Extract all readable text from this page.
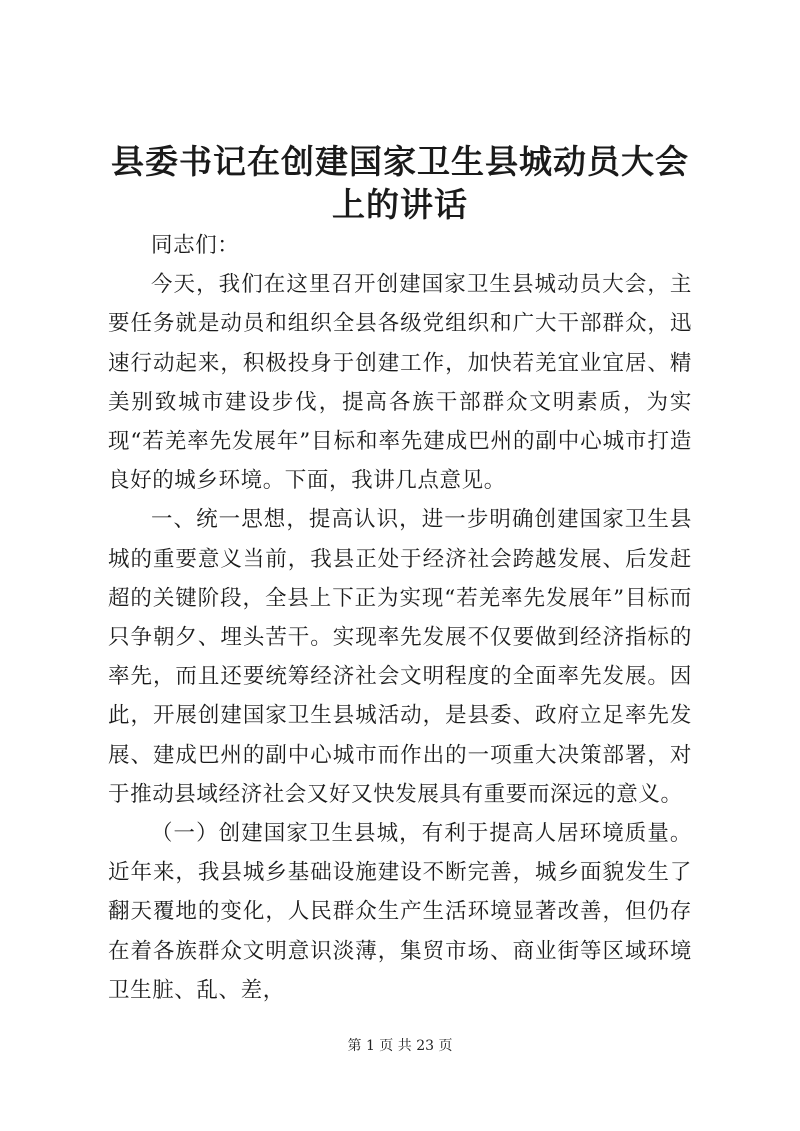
县委书记在创建国家卫生县城动员大会上的讲话

同志们：

今天，我们在这里召开创建国家卫生县城动员大会，主要任务就是动员和组织全县各级党组织和广大干部群众，迅速行动起来，积极投身于创建工作，加快若羌宜业宜居、精美别致城市建设步伐，提高各族干部群众文明素质，为实现“若羌率先发展年”目标和率先建成巴州的副中心城市打造良好的城乡环境。下面，我讲几点意见。

一、统一思想，提高认识，进一步明确创建国家卫生县城的重要意义当前，我县正处于经济社会跨越发展、后发赶超的关键阶段，全县上下正为实现“若羌率先发展年”目标而只争朝夕、埋头苦干。实现率先发展不仅要做到经济指标的率先，而且还要统筹经济社会文明程度的全面率先发展。因此，开展创建国家卫生县城活动，是县委、政府立足率先发展、建成巴州的副中心城市而作出的一项重大决策部署，对于推动县域经济社会又好又快发展具有重要而深远的意义。

（一）创建国家卫生县城，有利于提高人居环境质量。近年来，我县城乡基础设施建设不断完善，城乡面貌发生了翻天覆地的变化，人民群众生产生活环境显著改善，但仍存在着各族群众文明意识淡薄，集贸市场、商业街等区域环境卫生脏、乱、差，

第 1 页 共 23 页
